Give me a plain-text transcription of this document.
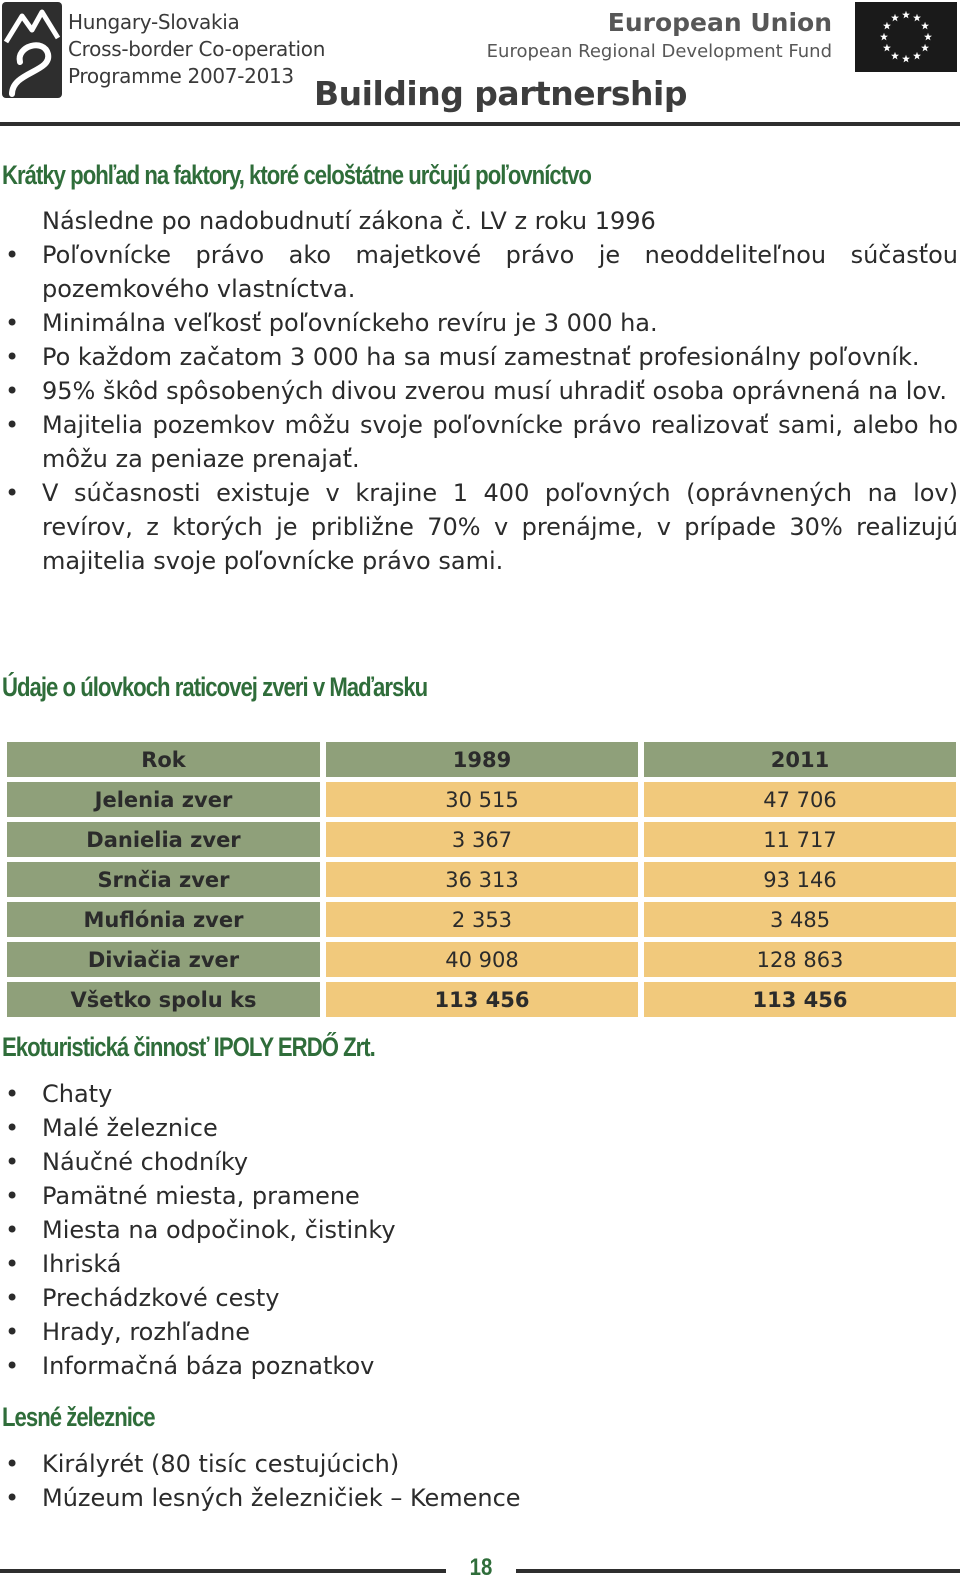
Hungary-Slovakia
Cross-border Co-operation
Programme 2007-2013
European Union
European Regional Development Fund
Building partnership
Krátky pohľad na faktory, ktoré celoštátne určujú poľovníctvo
Následne po nadobudnutí zákona č. LV z roku 1996
• Poľovnícke právo ako majetkové právo je neoddeliteľnou súčasťou pozemkového vlastníctva.
• Minimálna veľkosť poľovníckeho revíru je 3 000 ha.
• Po každom začatom 3 000 ha sa musí zamestnať profesionálny poľovník.
• 95% škôd spôsobených divou zverou musí uhradiť osoba oprávnená na lov.
• Majitelia pozemkov môžu svoje poľovnícke právo realizovať sami, alebo ho môžu za peniaze prenajať.
• V súčasnosti existuje v krajine 1 400 poľovných (oprávnených na lov) revírov, z ktorých je približne 70% v prenájme, v prípade 30% realizujú majitelia svoje poľovnícke právo sami.
Údaje o úlovkoch raticovej zveri v Maďarsku
Rok		1989		2011
Jelenia zver		30 515		47 706
Danielia zver		3 367		11 717
Srnčia zver		36 313		93 146
Muflónia zver		2 353		3 485
Diviačia zver		40 908		128 863
Všetko spolu ks		113 456		113 456
Ekoturistická činnosť IPOLY ERDŐ Zrt.
• Chaty
• Malé železnice
• Náučné chodníky
• Pamätné miesta, pramene
• Miesta na odpočinok, čistinky
• Ihriská
• Prechádzkové cesty
• Hrady, rozhľadne
• Informačná báza poznatkov
Lesné železnice
• Királyrét (80 tisíc cestujúcich)
• Múzeum lesných železničiek – Kemence
18
